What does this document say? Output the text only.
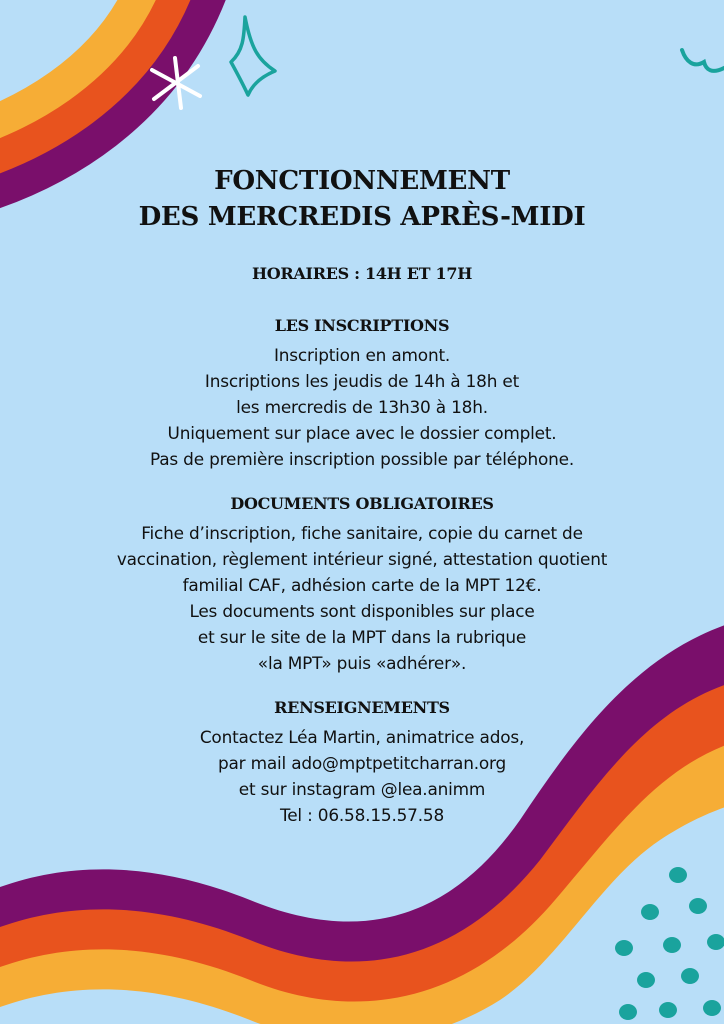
FONCTIONNEMENT
DES MERCREDIS APRÈS-MIDI
HORAIRES : 14H ET 17H
LES INSCRIPTIONS
Inscription en amont.
Inscriptions les jeudis de 14h à 18h et
les mercredis de 13h30 à 18h.
Uniquement sur place avec le dossier complet.
Pas de première inscription possible par téléphone.
DOCUMENTS OBLIGATOIRES
Fiche d’inscription, fiche sanitaire, copie du carnet de
vaccination, règlement intérieur signé, attestation quotient
familial CAF, adhésion carte de la MPT 12€.
Les documents sont disponibles sur place
et sur le site de la MPT dans la rubrique
«la MPT» puis «adhérer».
RENSEIGNEMENTS
Contactez Léa Martin, animatrice ados,
par mail ado@mptpetitcharran.org
et sur instagram @lea.animm
Tel : 06.58.15.57.58
